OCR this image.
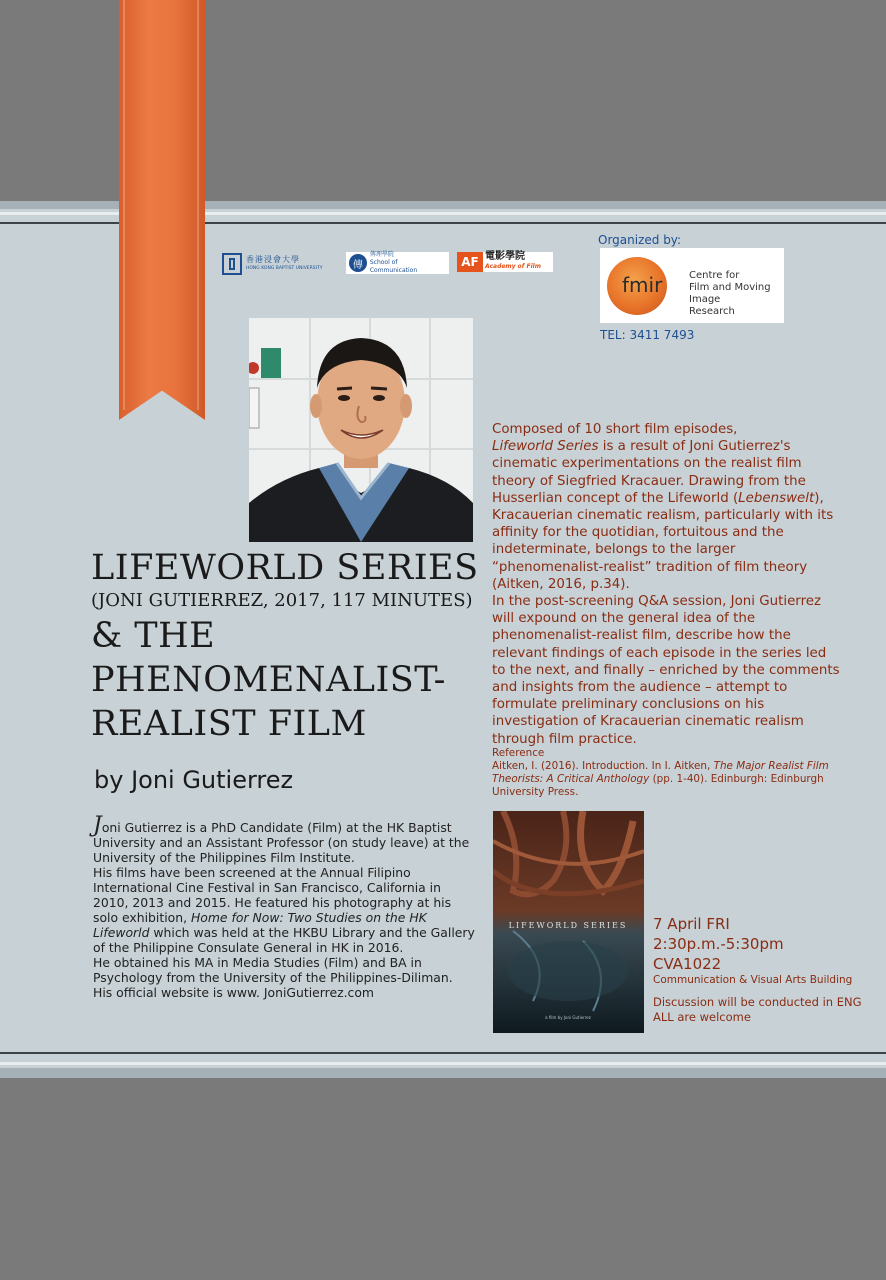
香港浸會大學
HONG KONG BAPTIST UNIVERSITY	傳
傳理學院
School of Communication
AF 電影學院
Academy of Film
Organized by:
fmir	Centre for
Film and Moving Image
Research
TEL: 3411 7493
LIFEWORLD SERIES
(JONI GUTIERREZ, 2017, 117 MINUTES)
& THE
PHENOMENALIST-
REALIST FILM
by Joni Gutierrez

Joni Gutierrez is a PhD Candidate (Film) at the HK Baptist University and an Assistant Professor (on study leave) at the University of the Philippines Film Institute.

His films have been screened at the Annual Filipino International Cine Festival in San Francisco, California in 2010, 2013 and 2015. He featured his photography at his solo exhibition, Home for Now: Two Studies on the HK Lifeworld which was held at the HKBU Library and the Gallery of the Philippine Consulate General in HK in 2016.

He obtained his MA in Media Studies (Film) and BA in Psychology from the University of the Philippines-Diliman.

His official website is www. JoniGutierrez.com

Composed of 10 short film episodes,
Lifeworld Series is a result of Joni Gutierrez's cinematic experimentations on the realist film theory of Siegfried Kracauer. Drawing from the Husserlian concept of the Lifeworld (Lebenswelt), Kracauerian cinematic realism, particularly with its affinity for the quotidian, fortuitous and the indeterminate, belongs to the larger “phenomenalist-realist” tradition of film theory (Aitken, 2016, p.34).

In the post-screening Q&A session, Joni Gutierrez will expound on the general idea of the phenomenalist-realist film, describe how the relevant findings of each episode in the series led to the next, and finally – enriched by the comments and insights from the audience – attempt to formulate preliminary conclusions on his investigation of Kracauerian cinematic realism through film practice.

Reference

Aitken, I. (2016). Introduction. In I. Aitken, The Major Realist Film Theorists: A Critical Anthology (pp. 1-40). Edinburgh: Edinburgh University Press.

LIFEWORLD SERIES
a film by Joni Gutierrez
7 April FRI
2:30p.m.-5:30pm
CVA1022
Communication & Visual Arts Building
Discussion will be conducted in ENG
ALL are welcome
